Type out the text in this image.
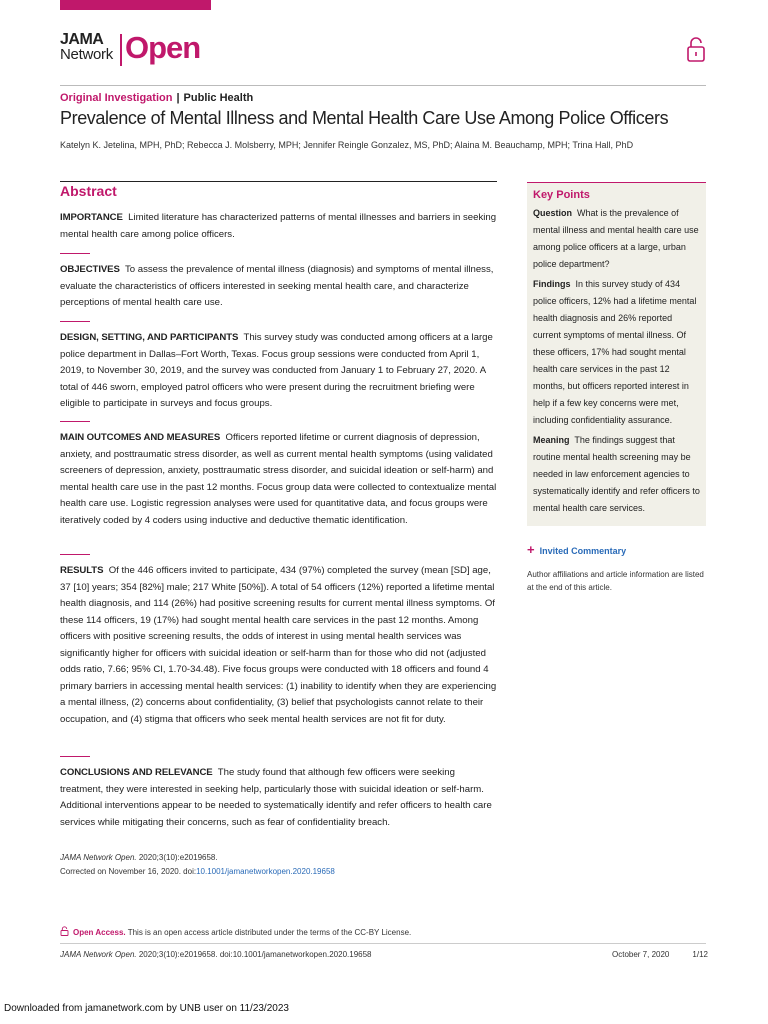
JAMA
Network Open
Original Investigation | Public Health
Prevalence of Mental Illness and Mental Health Care Use Among Police Officers
Katelyn K. Jetelina, MPH, PhD; Rebecca J. Molsberry, MPH; Jennifer Reingle Gonzalez, MS, PhD; Alaina M. Beauchamp, MPH; Trina Hall, PhD
Abstract
IMPORTANCE Limited literature has characterized patterns of mental illnesses and barriers in seeking mental health care among police officers.
OBJECTIVES To assess the prevalence of mental illness (diagnosis) and symptoms of mental illness, evaluate the characteristics of officers interested in seeking mental health care, and characterize perceptions of mental health care use.
DESIGN, SETTING, AND PARTICIPANTS This survey study was conducted among officers at a large police department in Dallas–Fort Worth, Texas. Focus group sessions were conducted from April 1, 2019, to November 30, 2019, and the survey was conducted from January 1 to February 27, 2020. A total of 446 sworn, employed patrol officers who were present during the recruitment briefing were eligible to participate in surveys and focus groups.
MAIN OUTCOMES AND MEASURES Officers reported lifetime or current diagnosis of depression, anxiety, and posttraumatic stress disorder, as well as current mental health symptoms (using validated screeners of depression, anxiety, posttraumatic stress disorder, and suicidal ideation or self-harm) and mental health care use in the past 12 months. Focus group data were collected to contextualize mental health care use. Logistic regression analyses were used for quantitative data, and focus groups were iteratively coded by 4 coders using inductive and deductive thematic identification.
RESULTS Of the 446 officers invited to participate, 434 (97%) completed the survey (mean [SD] age, 37 [10] years; 354 [82%] male; 217 White [50%]). A total of 54 officers (12%) reported a lifetime mental health diagnosis, and 114 (26%) had positive screening results for current mental illness symptoms. Of these 114 officers, 19 (17%) had sought mental health care services in the past 12 months. Among officers with positive screening results, the odds of interest in using mental health services was significantly higher for officers with suicidal ideation or self-harm than for those who did not (adjusted odds ratio, 7.66; 95% CI, 1.70-34.48). Five focus groups were conducted with 18 officers and found 4 primary barriers in accessing mental health services: (1) inability to identify when they are experiencing a mental illness, (2) concerns about confidentiality, (3) belief that psychologists cannot relate to their occupation, and (4) stigma that officers who seek mental health services are not fit for duty.
CONCLUSIONS AND RELEVANCE The study found that although few officers were seeking treatment, they were interested in seeking help, particularly those with suicidal ideation or self-harm. Additional interventions appear to be needed to systematically identify and refer officers to health care services while mitigating their concerns, such as fear of confidentiality breach.
JAMA Network Open. 2020;3(10):e2019658.
Corrected on November 16, 2020. doi:10.1001/jamanetworkopen.2020.19658
Key Points

Question What is the prevalence of mental illness and mental health care use among police officers at a large, urban police department?

Findings In this survey study of 434 police officers, 12% had a lifetime mental health diagnosis and 26% reported current symptoms of mental illness. Of these officers, 17% had sought mental health care services in the past 12 months, but officers reported interest in help if a few key concerns were met, including confidentiality assurance.

Meaning The findings suggest that routine mental health screening may be needed in law enforcement agencies to systematically identify and refer officers to mental health care services.

+ Invited Commentary
Author affiliations and article information are listed at the end of this article.
Open Access. This is an open access article distributed under the terms of the CC-BY License.
JAMA Network Open. 2020;3(10):e2019658. doi:10.1001/jamanetworkopen.2020.19658	October 7, 2020	1/12
Downloaded from jamanetwork.com by UNB user on 11/23/2023
